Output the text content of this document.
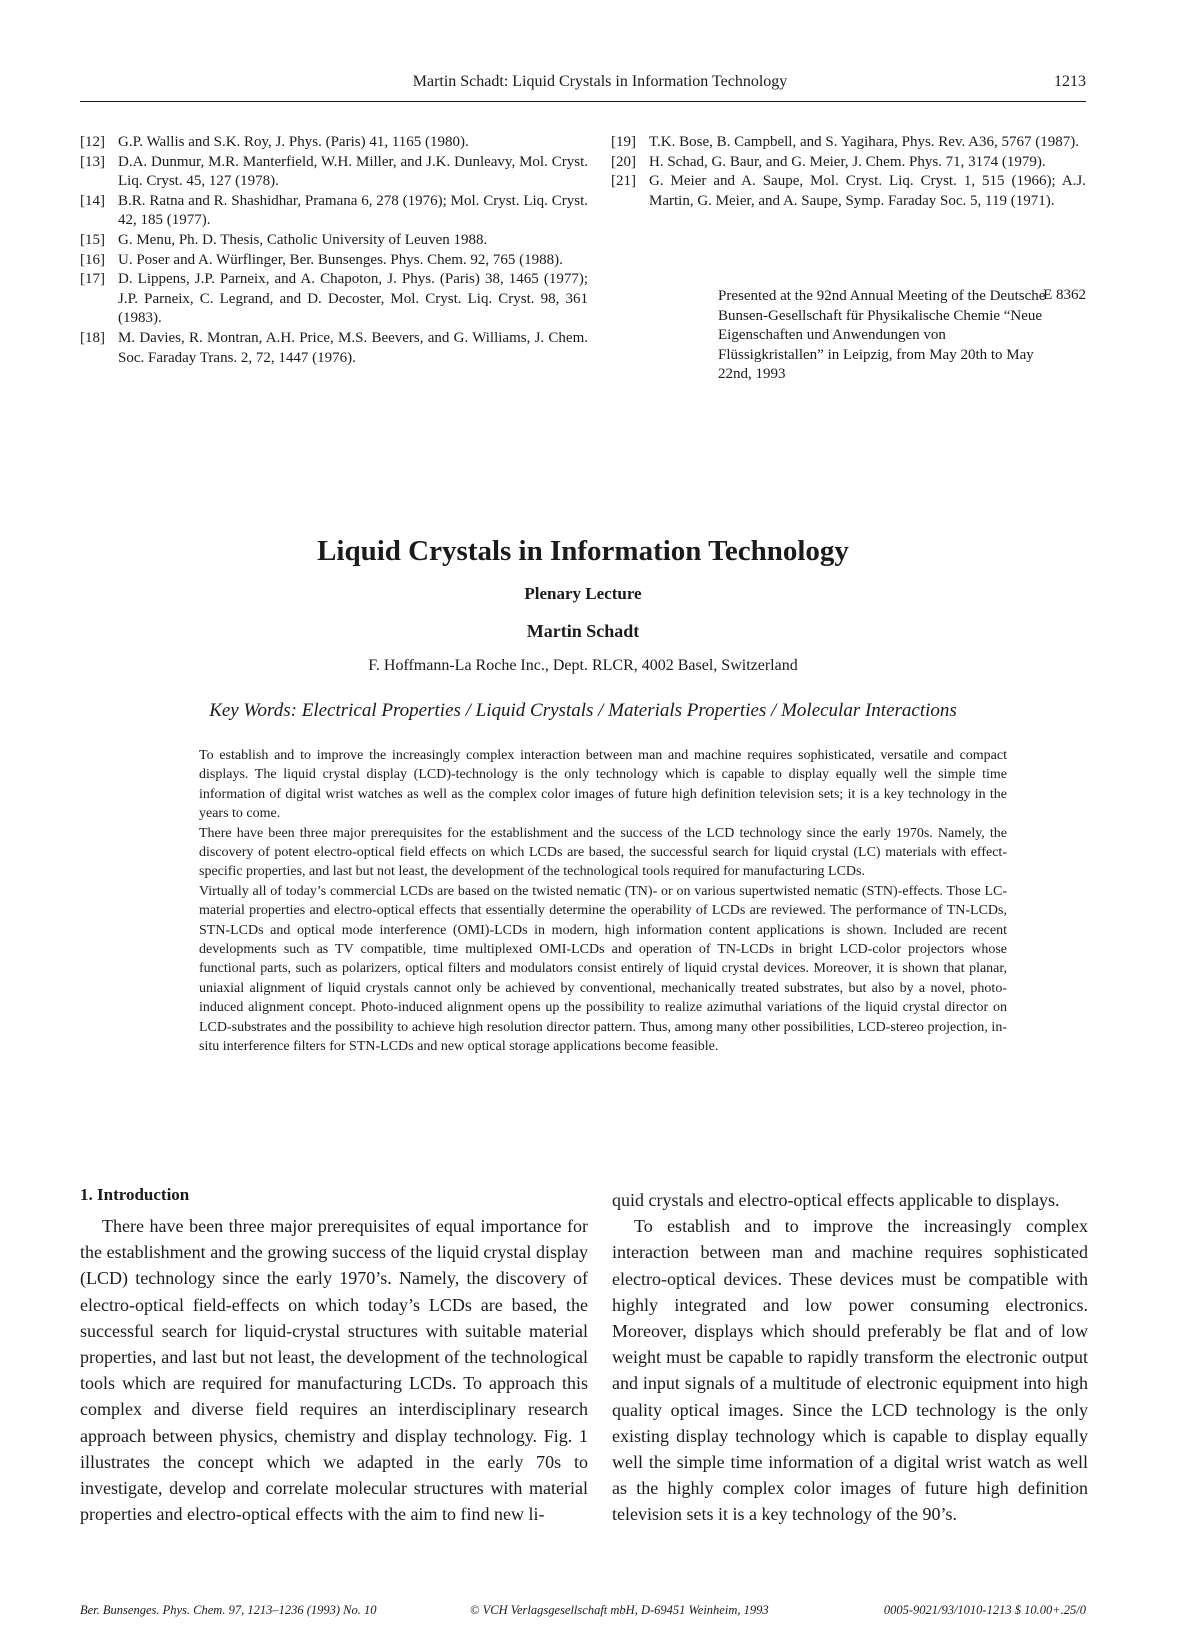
Martin Schadt: Liquid Crystals in Information Technology	1213
[12] G.P. Wallis and S.K. Roy, J. Phys. (Paris) 41, 1165 (1980).
[13] D.A. Dunmur, M.R. Manterfield, W.H. Miller, and J.K. Dunleavy, Mol. Cryst. Liq. Cryst. 45, 127 (1978).
[14] B.R. Ratna and R. Shashidhar, Pramana 6, 278 (1976); Mol. Cryst. Liq. Cryst. 42, 185 (1977).
[15] G. Menu, Ph. D. Thesis, Catholic University of Leuven 1988.
[16] U. Poser and A. Würflinger, Ber. Bunsenges. Phys. Chem. 92, 765 (1988).
[17] D. Lippens, J.P. Parneix, and A. Chapoton, J. Phys. (Paris) 38, 1465 (1977); J.P. Parneix, C. Legrand, and D. Decoster, Mol. Cryst. Liq. Cryst. 98, 361 (1983).
[18] M. Davies, R. Montran, A.H. Price, M.S. Beevers, and G. Williams, J. Chem. Soc. Faraday Trans. 2, 72, 1447 (1976).
[19] T.K. Bose, B. Campbell, and S. Yagihara, Phys. Rev. A36, 5767 (1987).
[20] H. Schad, G. Baur, and G. Meier, J. Chem. Phys. 71, 3174 (1979).
[21] G. Meier and A. Saupe, Mol. Cryst. Liq. Cryst. 1, 515 (1966); A.J. Martin, G. Meier, and A. Saupe, Symp. Faraday Soc. 5, 119 (1971).
Presented at the 92nd Annual Meeting of the Deutsche Bunsen-Gesellschaft für Physikalische Chemie “Neue Eigenschaften und Anwendungen von Flüssigkristallen” in Leipzig, from May 20th to May 22nd, 1993
E 8362
Liquid Crystals in Information Technology
Plenary Lecture
Martin Schadt
F. Hoffmann-La Roche Inc., Dept. RLCR, 4002 Basel, Switzerland
Key Words: Electrical Properties / Liquid Crystals / Materials Properties / Molecular Interactions

To establish and to improve the increasingly complex interaction between man and machine requires sophisticated, versatile and compact displays. The liquid crystal display (LCD)-technology is the only technology which is capable to display equally well the simple time information of digital wrist watches as well as the complex color images of future high definition television sets; it is a key technology in the years to come.

There have been three major prerequisites for the establishment and the success of the LCD technology since the early 1970s. Namely, the discovery of potent electro-optical field effects on which LCDs are based, the successful search for liquid crystal (LC) materials with effect-specific properties, and last but not least, the development of the technological tools required for manufacturing LCDs.

Virtually all of today’s commercial LCDs are based on the twisted nematic (TN)- or on various supertwisted nematic (STN)-effects. Those LC-material properties and electro-optical effects that essentially determine the operability of LCDs are reviewed. The performance of TN-LCDs, STN-LCDs and optical mode interference (OMI)-LCDs in modern, high information content applications is shown. Included are recent developments such as TV compatible, time multiplexed OMI-LCDs and operation of TN-LCDs in bright LCD-color projectors whose functional parts, such as polarizers, optical filters and modulators consist entirely of liquid crystal devices. Moreover, it is shown that planar, uniaxial alignment of liquid crystals cannot only be achieved by conventional, mechanically treated substrates, but also by a novel, photo-induced alignment concept. Photo-induced alignment opens up the possibility to realize azimuthal variations of the liquid crystal director on LCD-substrates and the possibility to achieve high resolution director pattern. Thus, among many other possibilities, LCD-stereo projection, in-situ interference filters for STN-LCDs and new optical storage applications become feasible.

1. Introduction

There have been three major prerequisites of equal importance for the establishment and the growing success of the liquid crystal display (LCD) technology since the early 1970’s. Namely, the discovery of electro-optical field-effects on which today’s LCDs are based, the successful search for liquid-crystal structures with suitable material properties, and last but not least, the development of the technological tools which are required for manufacturing LCDs. To approach this complex and diverse field requires an interdisciplinary research approach between physics, chemistry and display technology. Fig. 1 illustrates the concept which we adapted in the early 70s to investigate, develop and correlate molecular structures with material properties and electro-optical effects with the aim to find new li-

quid crystals and electro-optical effects applicable to displays.

To establish and to improve the increasingly complex interaction between man and machine requires sophisticated electro-optical devices. These devices must be compatible with highly integrated and low power consuming electronics. Moreover, displays which should preferably be flat and of low weight must be capable to rapidly transform the electronic output and input signals of a multitude of electronic equipment into high quality optical images. Since the LCD technology is the only existing display technology which is capable to display equally well the simple time information of a digital wrist watch as well as the highly complex color images of future high definition television sets it is a key technology of the 90’s.

Ber. Bunsenges. Phys. Chem. 97, 1213–1236 (1993) No. 10	© VCH Verlagsgesellschaft mbH, D-69451 Weinheim, 1993	0005-9021/93/1010-1213 $ 10.00+.25/0
